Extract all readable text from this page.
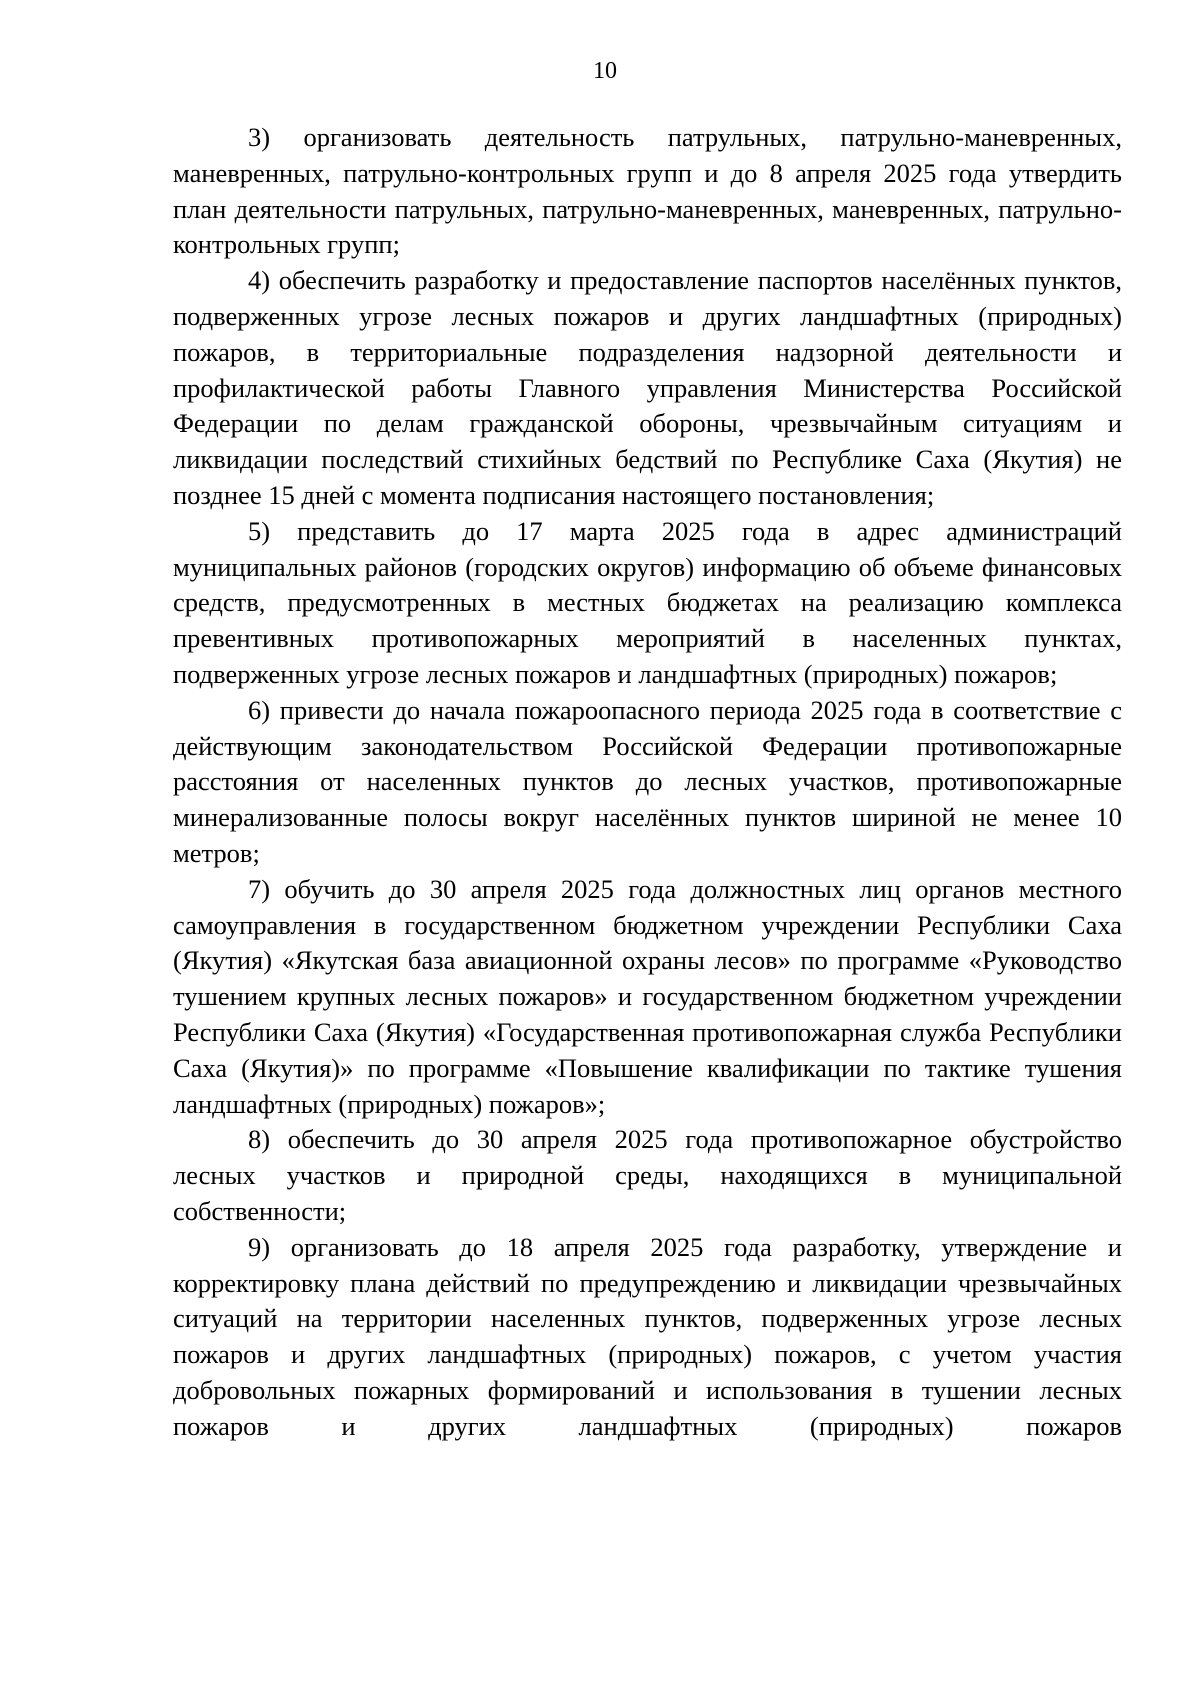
10

3) организовать деятельность патрульных, патрульно-маневренных, маневренных, патрульно-контрольных групп и до 8 апреля 2025 года утвердить план деятельности патрульных, патрульно-маневренных, маневренных, патрульно-контрольных групп;

4) обеспечить разработку и предоставление паспортов населённых пунктов, подверженных угрозе лесных пожаров и других ландшафтных (природных) пожаров, в территориальные подразделения надзорной деятельности и профилактической работы Главного управления Министерства Российской Федерации по делам гражданской обороны, чрезвычайным ситуациям и ликвидации последствий стихийных бедствий по Республике Саха (Якутия) не позднее 15 дней с момента подписания настоящего постановления;

5) представить до 17 марта 2025 года в адрес администраций муниципальных районов (городских округов) информацию об объеме финансовых средств, предусмотренных в местных бюджетах на реализацию комплекса превентивных противопожарных мероприятий в населенных пунктах, подверженных угрозе лесных пожаров и ландшафтных (природных) пожаров;

6) привести до начала пожароопасного периода 2025 года в соответствие с действующим законодательством Российской Федерации противопожарные расстояния от населенных пунктов до лесных участков, противопожарные минерализованные полосы вокруг населённых пунктов шириной не менее 10 метров;

7) обучить до 30 апреля 2025 года должностных лиц органов местного самоуправления в государственном бюджетном учреждении Республики Саха (Якутия) «Якутская база авиационной охраны лесов» по программе «Руководство тушением крупных лесных пожаров» и государственном бюджетном учреждении Республики Саха (Якутия) «Государственная противопожарная служба Республики Саха (Якутия)» по программе «Повышение квалификации по тактике тушения ландшафтных (природных) пожаров»;

8) обеспечить до 30 апреля 2025 года противопожарное обустройство лесных участков и природной среды, находящихся в муниципальной собственности;

9) организовать до 18 апреля 2025 года разработку, утверждение и корректировку плана действий по предупреждению и ликвидации чрезвычайных ситуаций на территории населенных пунктов, подверженных угрозе лесных пожаров и других ландшафтных (природных) пожаров, с учетом участия добровольных пожарных формирований и использования в тушении лесных пожаров и других ландшафтных (природных) пожаров
